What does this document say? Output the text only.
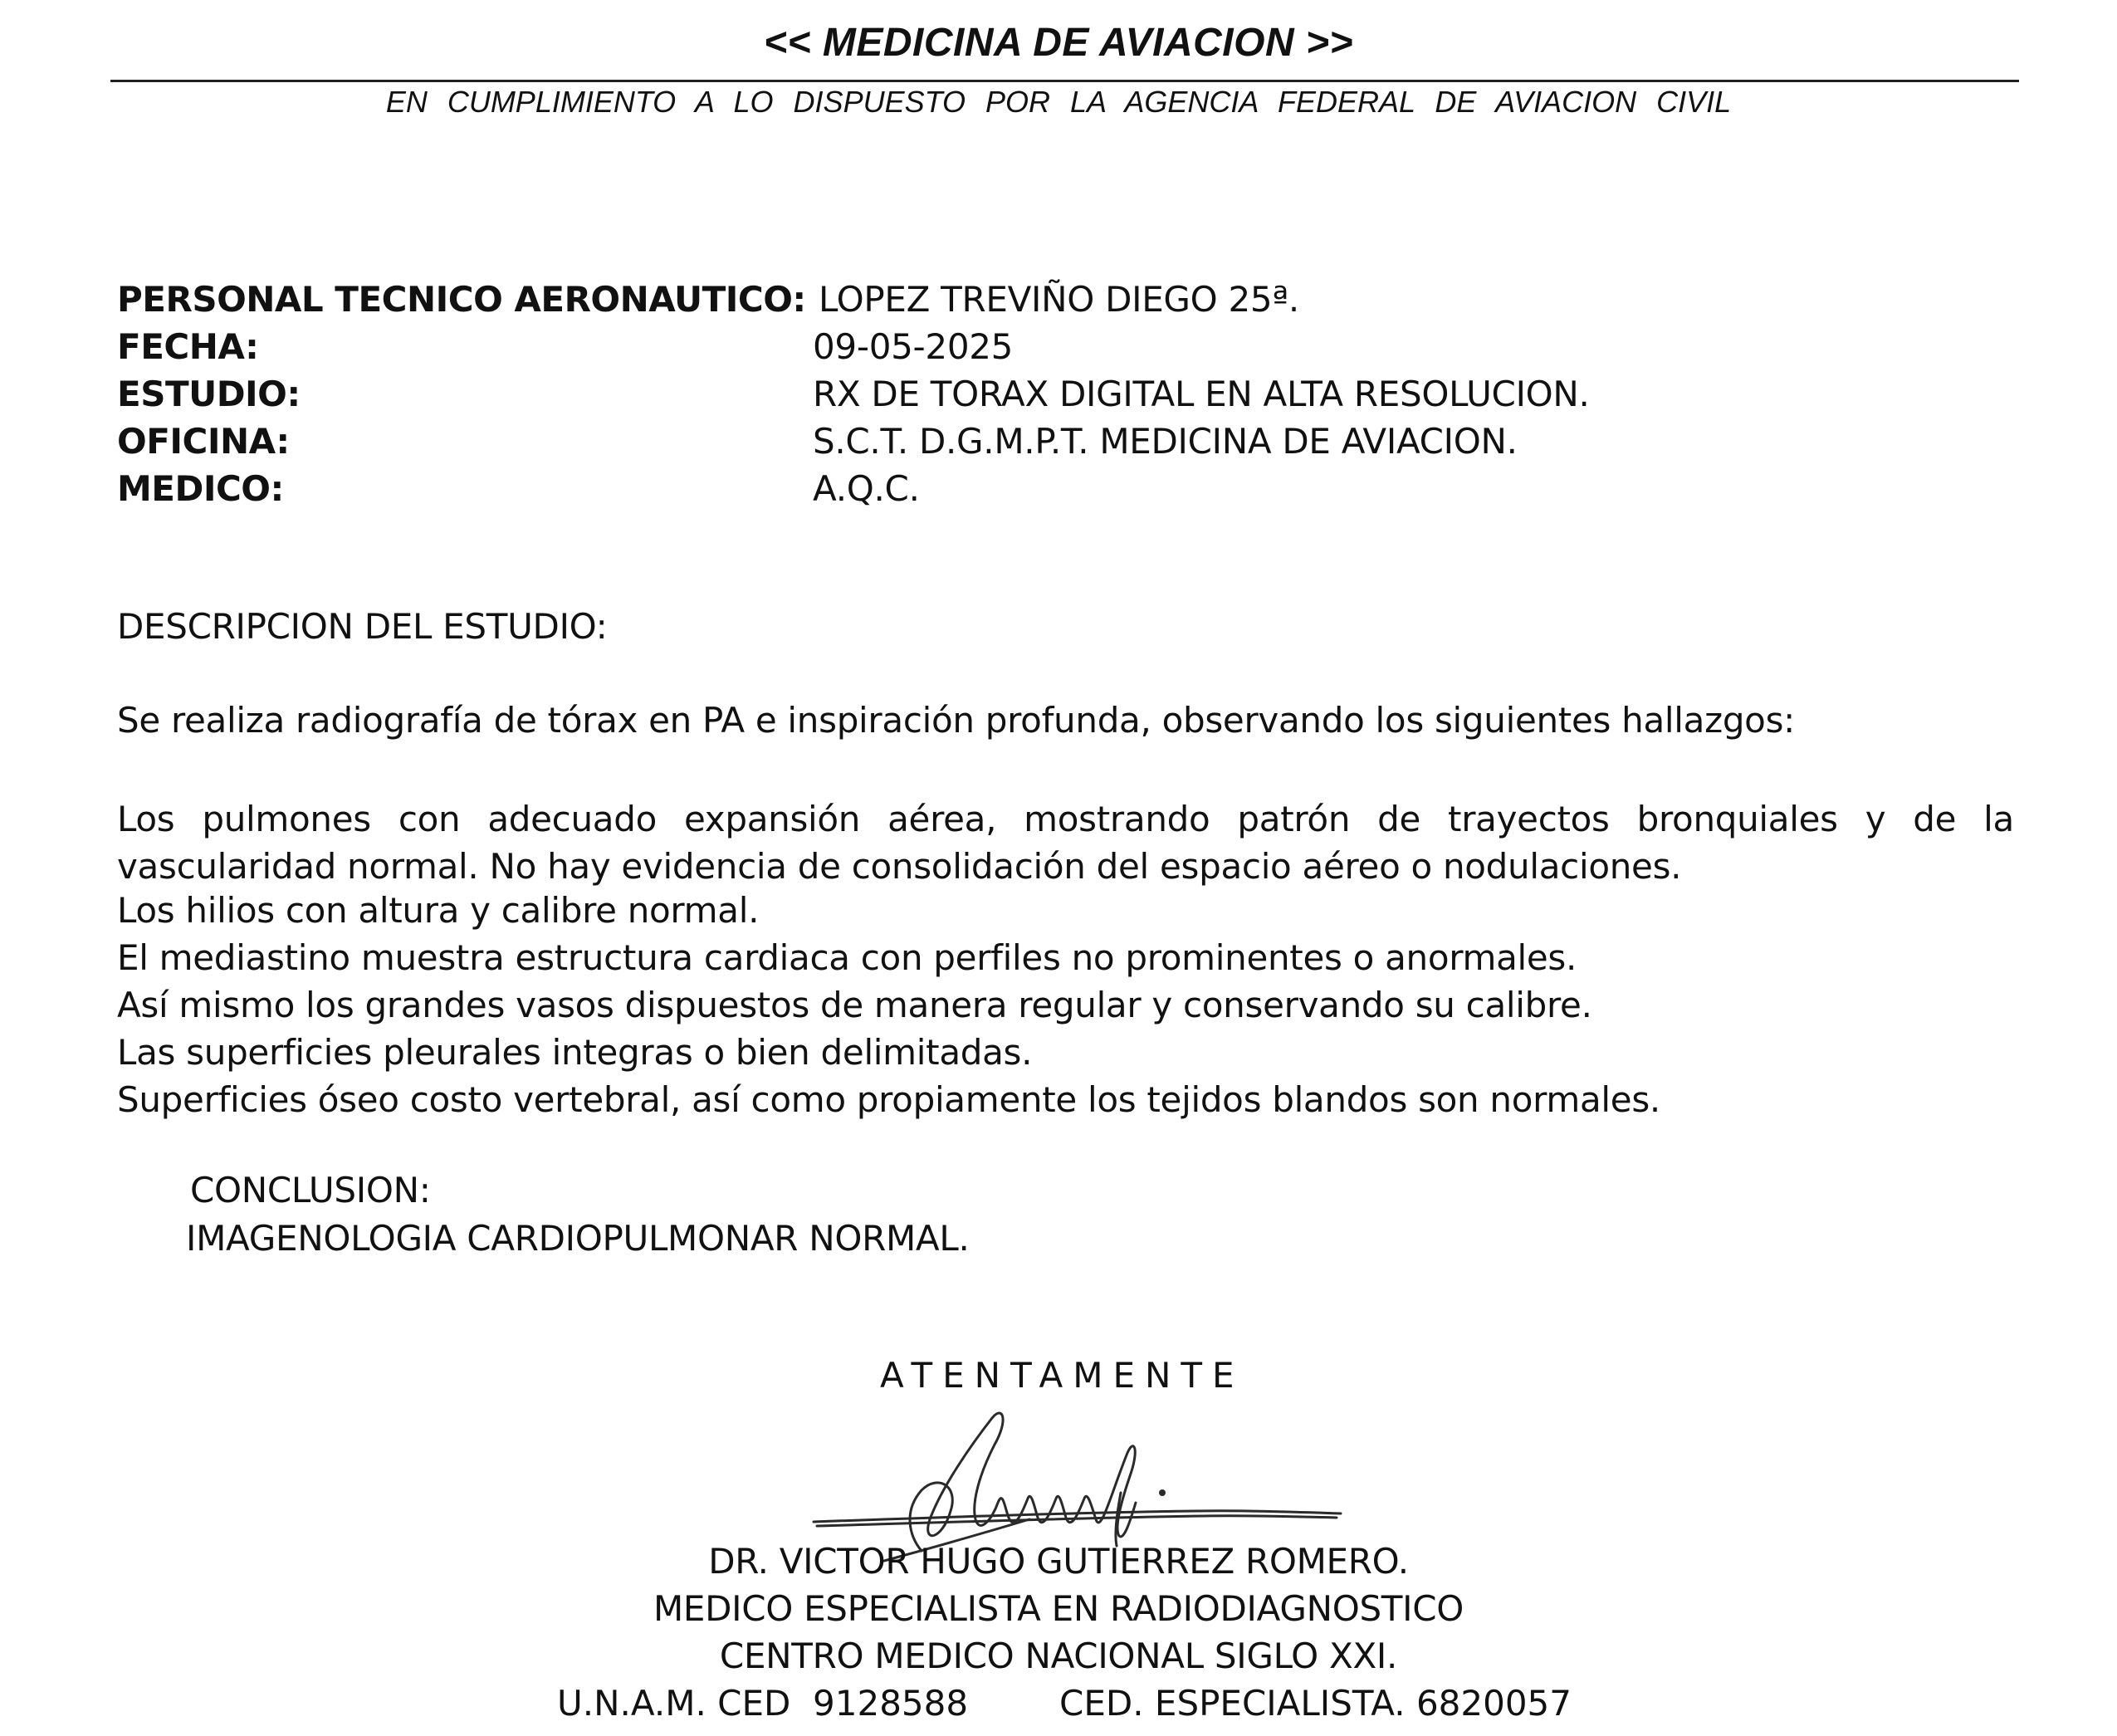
<< MEDICINA DE AVIACION >>
EN CUMPLIMIENTO A LO DISPUESTO POR LA AGENCIA FEDERAL DE AVIACION CIVIL
PERSONAL TECNICO AERONAUTICO: LOPEZ TREVIÑO DIEGO 25ª.
FECHA:	09-05-2025
ESTUDIO:	RX DE TORAX DIGITAL EN ALTA RESOLUCION.
OFICINA:	S.C.T. D.G.M.P.T. MEDICINA DE AVIACION.
MEDICO:	A.Q.C.
DESCRIPCION DEL ESTUDIO:
Se realiza radiografía de tórax en PA e inspiración profunda, observando los siguientes hallazgos:
Los pulmones con adecuado expansión aérea, mostrando patrón de trayectos bronquiales y de la vascularidad normal. No hay evidencia de consolidación del espacio aéreo o nodulaciones.
Los hilios con altura y calibre normal.
El mediastino muestra estructura cardiaca con perfiles no prominentes o anormales.
Así mismo los grandes vasos dispuestos de manera regular y conservando su calibre.
Las superficies pleurales integras o bien delimitadas.
Superficies óseo costo vertebral, así como propiamente los tejidos blandos son normales.
CONCLUSION:
IMAGENOLOGIA CARDIOPULMONAR NORMAL.
ATENTAMENTE
DR. VICTOR HUGO GUTIERREZ ROMERO.
MEDICO ESPECIALISTA EN RADIODIAGNOSTICO
CENTRO MEDICO NACIONAL SIGLO XXI.
U.N.A.M. CED  9128588	CED. ESPECIALISTA. 6820057
